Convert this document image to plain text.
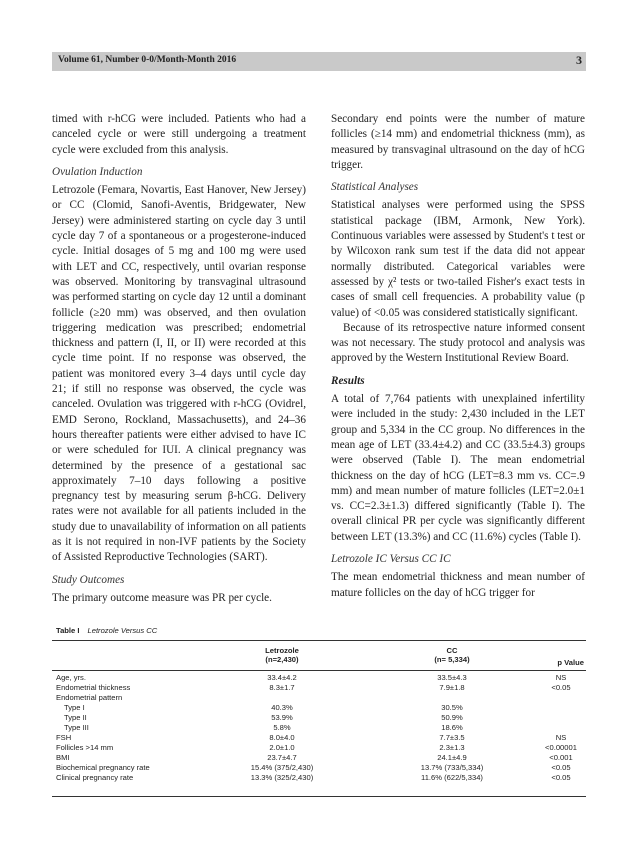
Volume 61, Number 0-0/Month-Month 2016	3

timed with r-hCG were included. Patients who had a canceled cycle or were still undergoing a treatment cycle were excluded from this analysis.

Ovulation Induction

Letrozole (Femara, Novartis, East Hanover, New Jersey) or CC (Clomid, Sanofi-Aventis, Bridgewater, New Jersey) were administered starting on cycle day 3 until cycle day 7 of a spontaneous or a progesterone-induced cycle. Initial dosages of 5 mg and 100 mg were used with LET and CC, respectively, until ovarian response was observed. Monitoring by transvaginal ultrasound was performed starting on cycle day 12 until a dominant follicle (≥20 mm) was observed, and then ovulation triggering medication was prescribed; endometrial thickness and pattern (I, II, or II) were recorded at this cycle time point. If no response was observed, the patient was monitored every 3–4 days until cycle day 21; if still no response was observed, the cycle was canceled. Ovulation was triggered with r-hCG (Ovidrel, EMD Serono, Rockland, Massachusetts), and 24–36 hours thereafter patients were either advised to have IC or were scheduled for IUI. A clinical pregnancy was determined by the presence of a gestational sac approximately 7–10 days following a positive pregnancy test by measuring serum β-hCG. Delivery rates were not available for all patients included in the study due to unavailability of information on all patients as it is not required in non-IVF patients by the Society of Assisted Reproductive Technologies (SART).

Study Outcomes

The primary outcome measure was PR per cycle.

Secondary end points were the number of mature follicles (≥14 mm) and endometrial thickness (mm), as measured by transvaginal ultrasound on the day of hCG trigger.

Statistical Analyses

Statistical analyses were performed using the SPSS statistical package (IBM, Armonk, New York). Continuous variables were assessed by Student's t test or by Wilcoxon rank sum test if the data did not appear normally distributed. Categorical variables were assessed by χ² tests or two-tailed Fisher's exact tests in cases of small cell frequencies. A probability value (p value) of <0.05 was considered statistically significant.

Because of its retrospective nature informed consent was not necessary. The study protocol and analysis was approved by the Western Institutional Review Board.

Results

A total of 7,764 patients with unexplained infertility were included in the study: 2,430 included in the LET group and 5,334 in the CC group. No differences in the mean age of LET (33.4±4.2) and CC (33.5±4.3) groups were observed (Table I). The mean endometrial thickness on the day of hCG (LET=8.3 mm vs. CC=.9 mm) and mean number of mature follicles (LET=2.0±1 vs. CC=2.3±1.3) differed significantly (Table I). The overall clinical PR per cycle was significantly different between LET (13.3%) and CC (11.6%) cycles (Table I).

Letrozole IC Versus CC IC

The mean endometrial thickness and mean number of mature follicles on the day of hCG trigger for

Table I Letrozole Versus CC
Letrozole
(n=2,430)
CC
(n= 5,334)	p Value
Age, yrs.	33.4±4.2	33.5±4.3	NS
Endometrial thickness	8.3±1.7	7.9±1.8	<0.05
Endometrial pattern
Type I	40.3%	30.5%
Type II	53.9%	50.9%
Type III	5.8%	18.6%
FSH	8.0±4.0	7.7±3.5	NS
Follicles >14 mm	2.0±1.0	2.3±1.3	<0.00001
BMI	23.7±4.7	24.1±4.9	<0.001
Biochemical pregnancy rate	15.4% (375/2,430)	13.7% (733/5,334)	<0.05
Clinical pregnancy rate	13.3% (325/2,430)	11.6% (622/5,334)	<0.05
